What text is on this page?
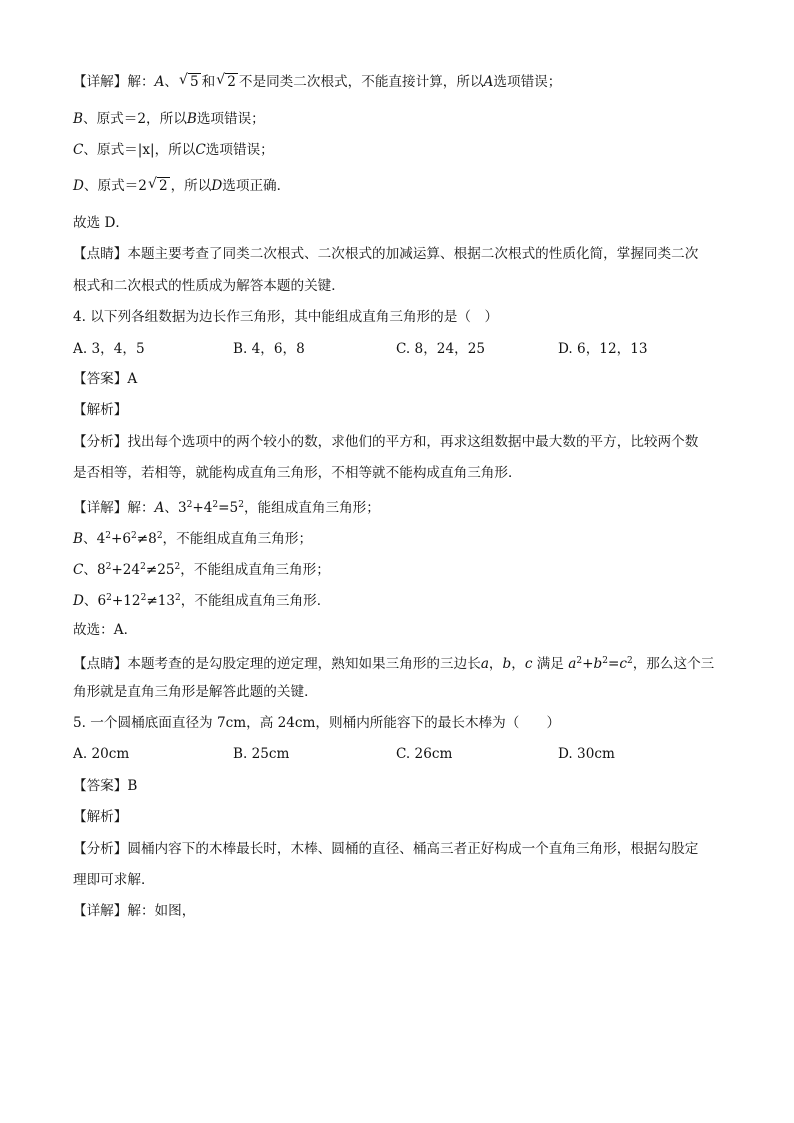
【详解】解：A、 √ 5 和 √ 2 不是同类二次根式，不能直接计算，所以A选项错误；
B、原式＝2，所以B选项错误；
C、原式＝|x|，所以C选项错误；
D、原式＝2 √ 2 ，所以D选项正确．
故选 D．
【点睛】本题主要考查了同类二次根式、二次根式的加减运算、根据二次根式的性质化简，掌握同类二次
根式和二次根式的性质成为解答本题的关键．
4. 以下列各组数据为边长作三角形，其中能组成直角三角形的是（　）
A. 3，4，5	B. 4，6，8	C. 8，24，25	D. 6，12，13
【答案】A
【解析】
【分析】找出每个选项中的两个较小的数，求他们的平方和，再求这组数据中最大数的平方，比较两个数
是否相等，若相等，就能构成直角三角形，不相等就不能构成直角三角形．
【详解】解：A、$3^2+4^2=5^2$，能组成直角三角形；
B、$4^2+6^2\ne 8^2$，不能组成直角三角形；
C、$8^2+24^2\ne 25^2$，不能组成直角三角形；
D、$6^2+12^2\ne 13^2$，不能组成直角三角形．
故选：A．
【点睛】本题考查的是勾股定理的逆定理，熟知如果三角形的三边长a，b，c 满足 $a^2+b^2=c^2$，那么这个三
角形就是直角三角形是解答此题的关键．
5. 一个圆桶底面直径为 7cm，高 24cm，则桶内所能容下的最长木棒为（　　）
A. 20cm	B. 25cm	C. 26cm	D. 30cm
【答案】B
【解析】
【分析】圆桶内容下的木棒最长时，木棒、圆桶的直径、桶高三者正好构成一个直角三角形，根据勾股定
理即可求解．
【详解】解：如图，
